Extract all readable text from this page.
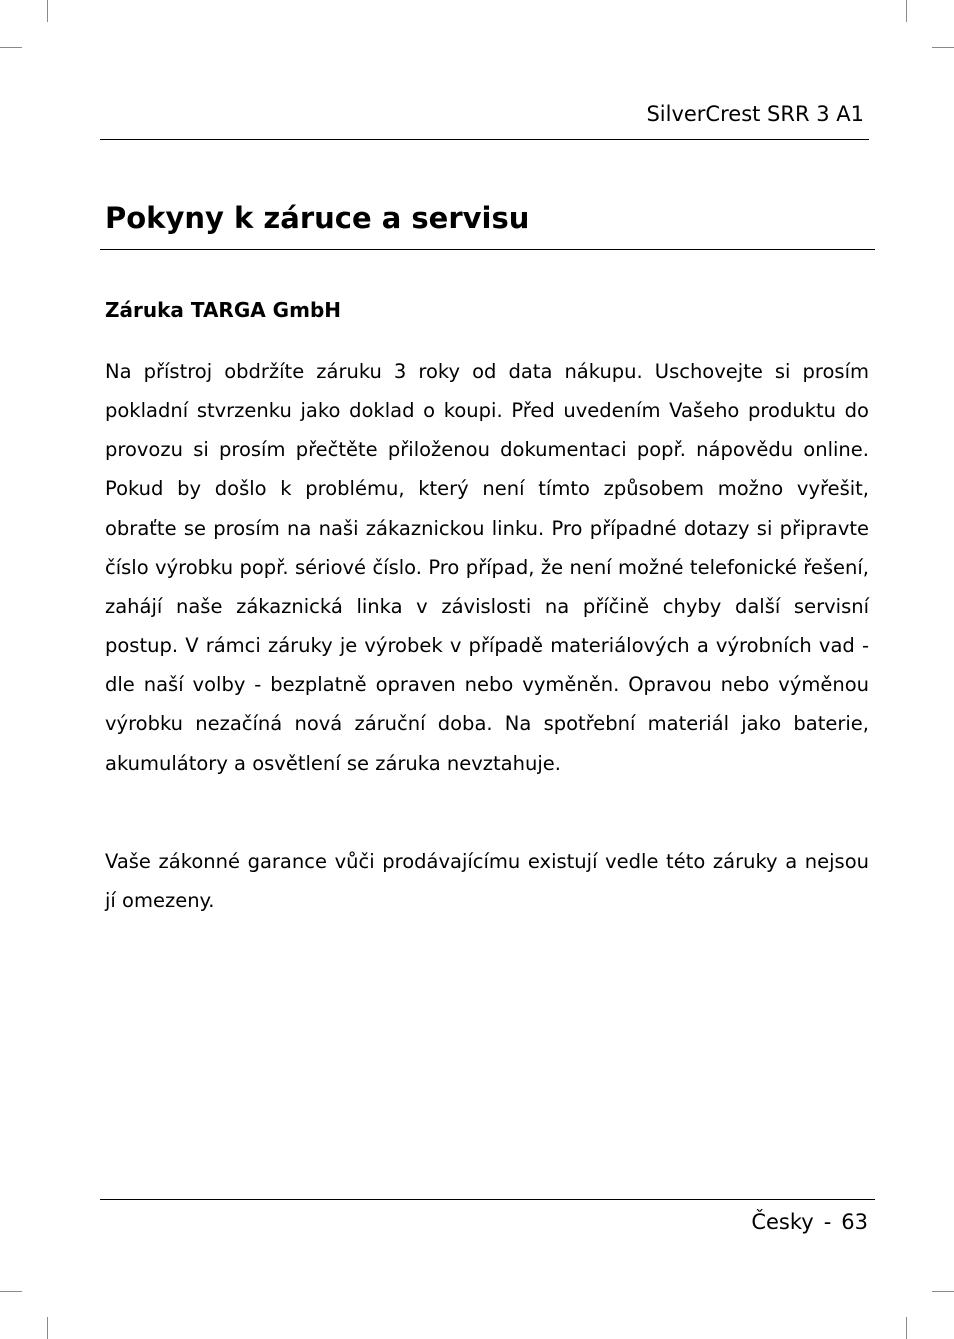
SilverCrest SRR 3 A1
Pokyny k záruce a servisu
Záruka TARGA GmbH

Na přístroj obdržíte záruku 3 roky od data nákupu. Uschovejte si prosím pokladní stvrzenku jako doklad o koupi. Před uvedením Vašeho produktu do provozu si prosím přečtěte přiloženou dokumentaci popř. nápovědu online. Pokud by došlo k problému, který není tímto způsobem možno vyřešit, obraťte se prosím na naši zákaznickou linku. Pro případné dotazy si připravte číslo výrobku popř. sériové číslo. Pro případ, že není možné telefonické řešení, zahájí naše zákaznická linka v závislosti na příčině chyby další servisní postup. V rámci záruky je výrobek v případě materiálových a výrobních vad - dle naší volby - bezplatně opraven nebo vyměněn. Opravou nebo výměnou výrobku nezačíná nová záruční doba. Na spotřební materiál jako baterie, akumulátory a osvětlení se záruka nevztahuje.

Vaše zákonné garance vůči prodávajícímu existují vedle této záruky a nejsou jí omezeny.

Česky - 63
